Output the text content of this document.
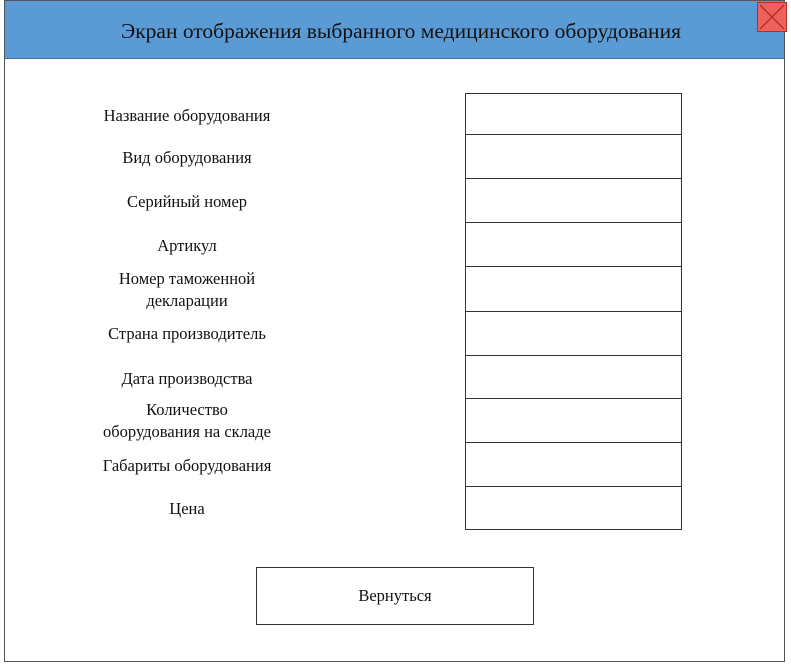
Экран отображения выбранного медицинского оборудования
Название оборудования
Вид оборудования
Серийный номер
Артикул
Номер таможенной
декларации
Страна производитель
Дата производства
Количество
оборудования на складе
Габариты оборудования
Цена
Вернуться
